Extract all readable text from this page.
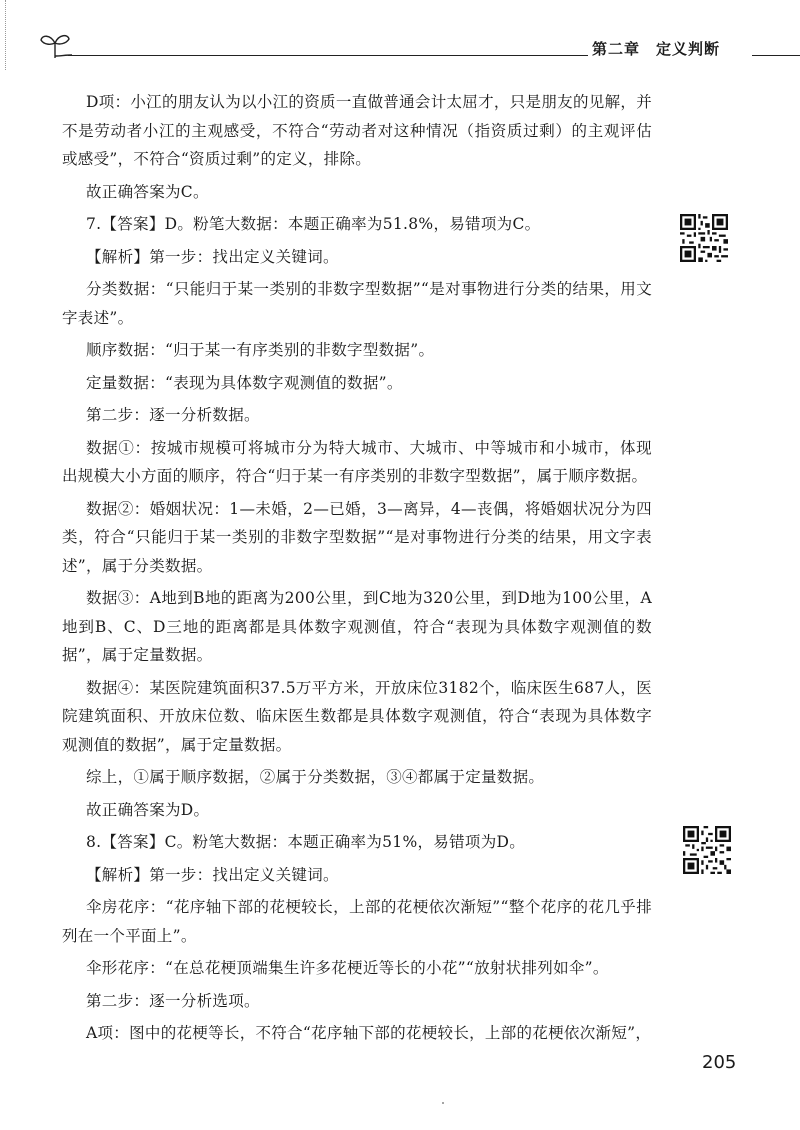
第二章 定义判断

D项：小江的朋友认为以小江的资质一直做普通会计太屈才，只是朋友的见解，并不是劳动者小江的主观感受，不符合“劳动者对这种情况（指资质过剩）的主观评估或感受”，不符合“资质过剩”的定义，排除。

故正确答案为C。

7.【答案】D。粉笔大数据：本题正确率为51.8%，易错项为C。

【解析】第一步：找出定义关键词。

分类数据：“只能归于某一类别的非数字型数据”“是对事物进行分类的结果，用文字表述”。

顺序数据：“归于某一有序类别的非数字型数据”。

定量数据：“表现为具体数字观测值的数据”。

第二步：逐一分析数据。

数据①：按城市规模可将城市分为特大城市、大城市、中等城市和小城市，体现出规模大小方面的顺序，符合“归于某一有序类别的非数字型数据”，属于顺序数据。

数据②：婚姻状况：1—未婚，2—已婚，3—离异，4—丧偶，将婚姻状况分为四类，符合“只能归于某一类别的非数字型数据”“是对事物进行分类的结果，用文字表述”，属于分类数据。

数据③：A地到B地的距离为200公里，到C地为320公里，到D地为100公里，A地到B、C、D三地的距离都是具体数字观测值，符合“表现为具体数字观测值的数据”，属于定量数据。

数据④：某医院建筑面积37.5万平方米，开放床位3182个，临床医生687人，医院建筑面积、开放床位数、临床医生数都是具体数字观测值，符合“表现为具体数字观测值的数据”，属于定量数据。

综上，①属于顺序数据，②属于分类数据，③④都属于定量数据。

故正确答案为D。

8.【答案】C。粉笔大数据：本题正确率为51%，易错项为D。

【解析】第一步：找出定义关键词。

伞房花序：“花序轴下部的花梗较长，上部的花梗依次渐短”“整个花序的花几乎排列在一个平面上”。

伞形花序：“在总花梗顶端集生许多花梗近等长的小花”“放射状排列如伞”。

第二步：逐一分析选项。

A项：图中的花梗等长，不符合“花序轴下部的花梗较长，上部的花梗依次渐短”，

205
